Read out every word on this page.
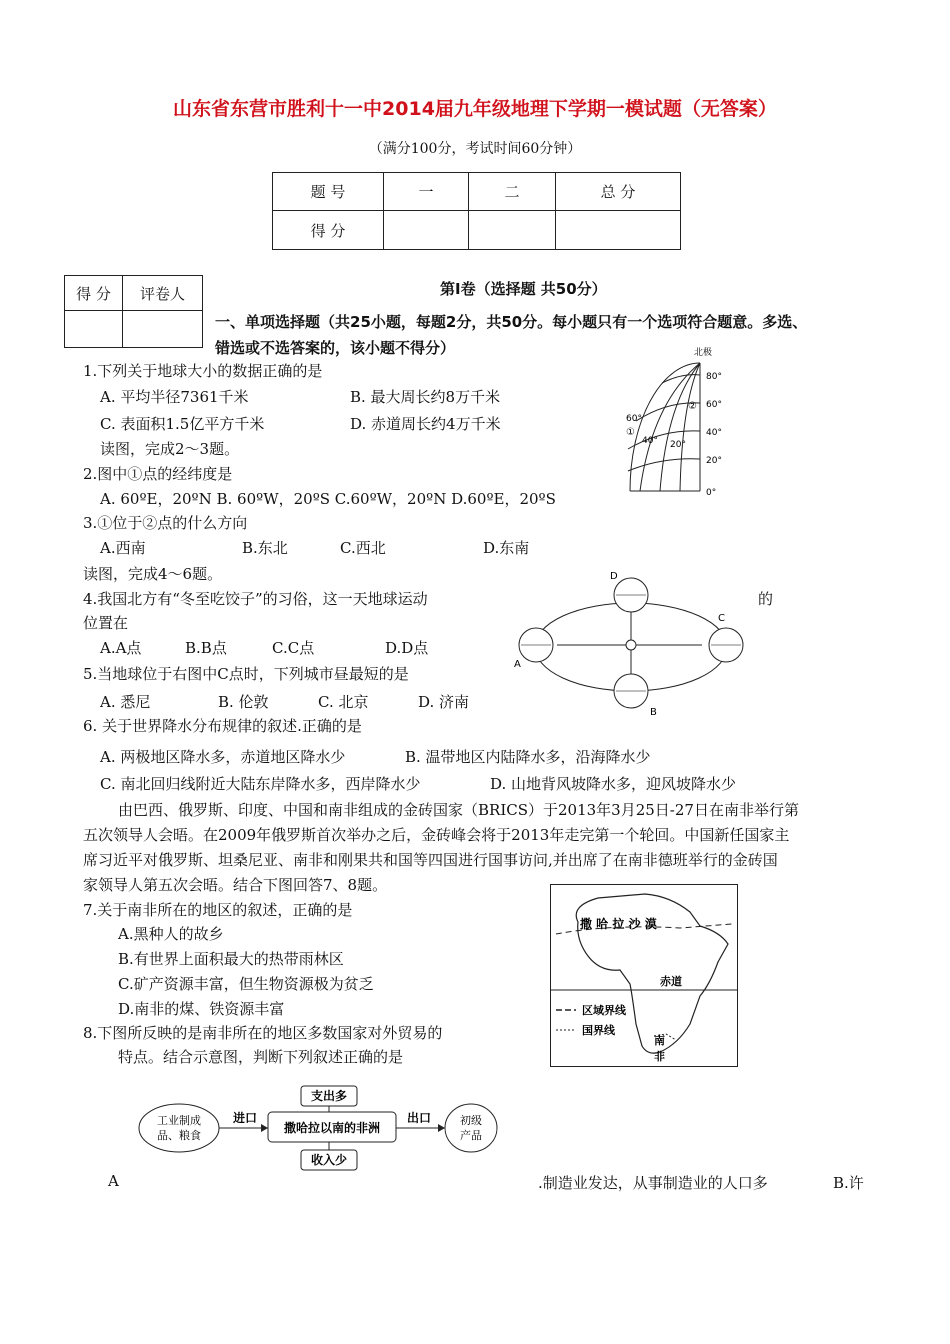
山东省东营市胜利十一中2014届九年级地理下学期一模试题（无答案）
（满分100分，考试时间60分钟）
题 号	一	二	总 分
得 分			
得 分	评卷人
		第Ⅰ卷（选择题 共50分）
一、单项选择题（共25小题，每题2分，共50分。每小题只有一个选项符合题意。多选、
错选或不选答案的，该小题不得分）
1.下列关于地球大小的数据正确的是
A. 平均半径7361千米	B. 最大周长约8万千米
C. 表面积1.5亿平方千米	D. 赤道周长约4万千米
读图，完成2～3题。
2.图中①点的经纬度是
A. 60ºE，20ºN B. 60ºW，20ºS C.60ºW，20ºN D.60ºE，20ºS
3.①位于②点的什么方向
A.西南	B.东北	C.西北	D.东南
读图，完成4～6题。
4.我国北方有“冬至吃饺子”的习俗，这一天地球运动	的
位置在
A.A点	B.B点	C.C点	D.D点
5.当地球位于右图中C点时，下列城市昼最短的是
A. 悉尼	B. 伦敦	C. 北京	D. 济南
6. 关于世界降水分布规律的叙述.正确的是
A. 两极地区降水多，赤道地区降水少	B. 温带地区内陆降水多，沿海降水少
C. 南北回归线附近大陆东岸降水多，西岸降水少	D. 山地背风坡降水多，迎风坡降水少
由巴西、俄罗斯、印度、中国和南非组成的金砖国家（BRICS）于2013年3月25日-27日在南非举行第
五次领导人会晤。在2009年俄罗斯首次举办之后，金砖峰会将于2013年走完第一个轮回。中国新任国家主
席习近平对俄罗斯、坦桑尼亚、南非和刚果共和国等四国进行国事访问,并出席了在南非德班举行的金砖国
家领导人第五次会晤。结合下图回答7、8题。
7.关于南非所在的地区的叙述，正确的是
A.黑种人的故乡
B.有世界上面积最大的热带雨林区
C.矿产资源丰富，但生物资源极为贫乏
D.南非的煤、铁资源丰富
8.下图所反映的是南非所在的地区多数国家对外贸易的
特点。结合示意图，判断下列叙述正确的是
A	.制造业发达，从事制造业的人口多	B.许
北极
80°
60°
40°
20°
0°
60°
40° 20°
①
②
A
B
C
D
撒 哈 拉 沙 漠
赤道
区域界线
国界线
南
非
工业制成
品、粮食
初级
产品
撒哈拉以南的非洲
支出多
收入少
进口	出口
